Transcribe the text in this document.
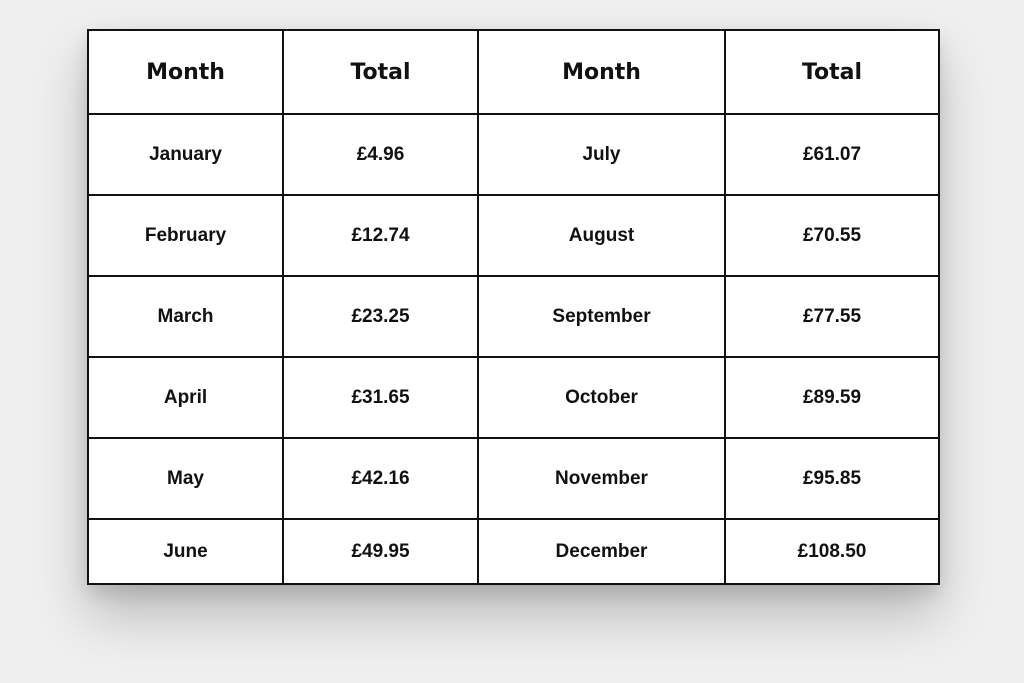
Month	Total	Month	Total
January	£4.96	July	£61.07
February	£12.74	August	£70.55
March	£23.25	September	£77.55
April	£31.65	October	£89.59
May	£42.16	November	£95.85
June	£49.95	December	£108.50
